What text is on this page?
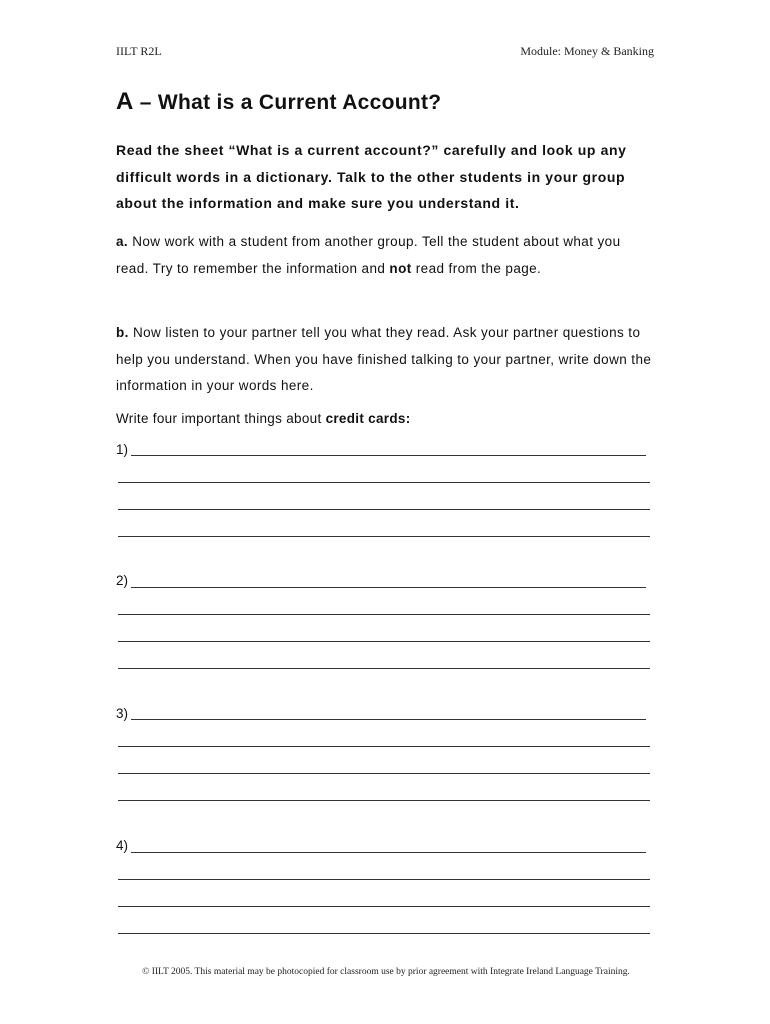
IILT R2L	Module: Money & Banking
A – What is a Current Account?

Read the sheet “What is a current account?” carefully and look up any difficult words in a dictionary. Talk to the other students in your group about the information and make sure you understand it.

a. Now work with a student from another group. Tell the student about what you read. Try to remember the information and not read from the page.

b. Now listen to your partner tell you what they read. Ask your partner questions to help you understand. When you have finished talking to your partner, write down the information in your words here.

Write four important things about credit cards:

1)
2)
3)
4)
© IILT 2005. This material may be photocopied for classroom use by prior agreement with Integrate Ireland Language Training.
